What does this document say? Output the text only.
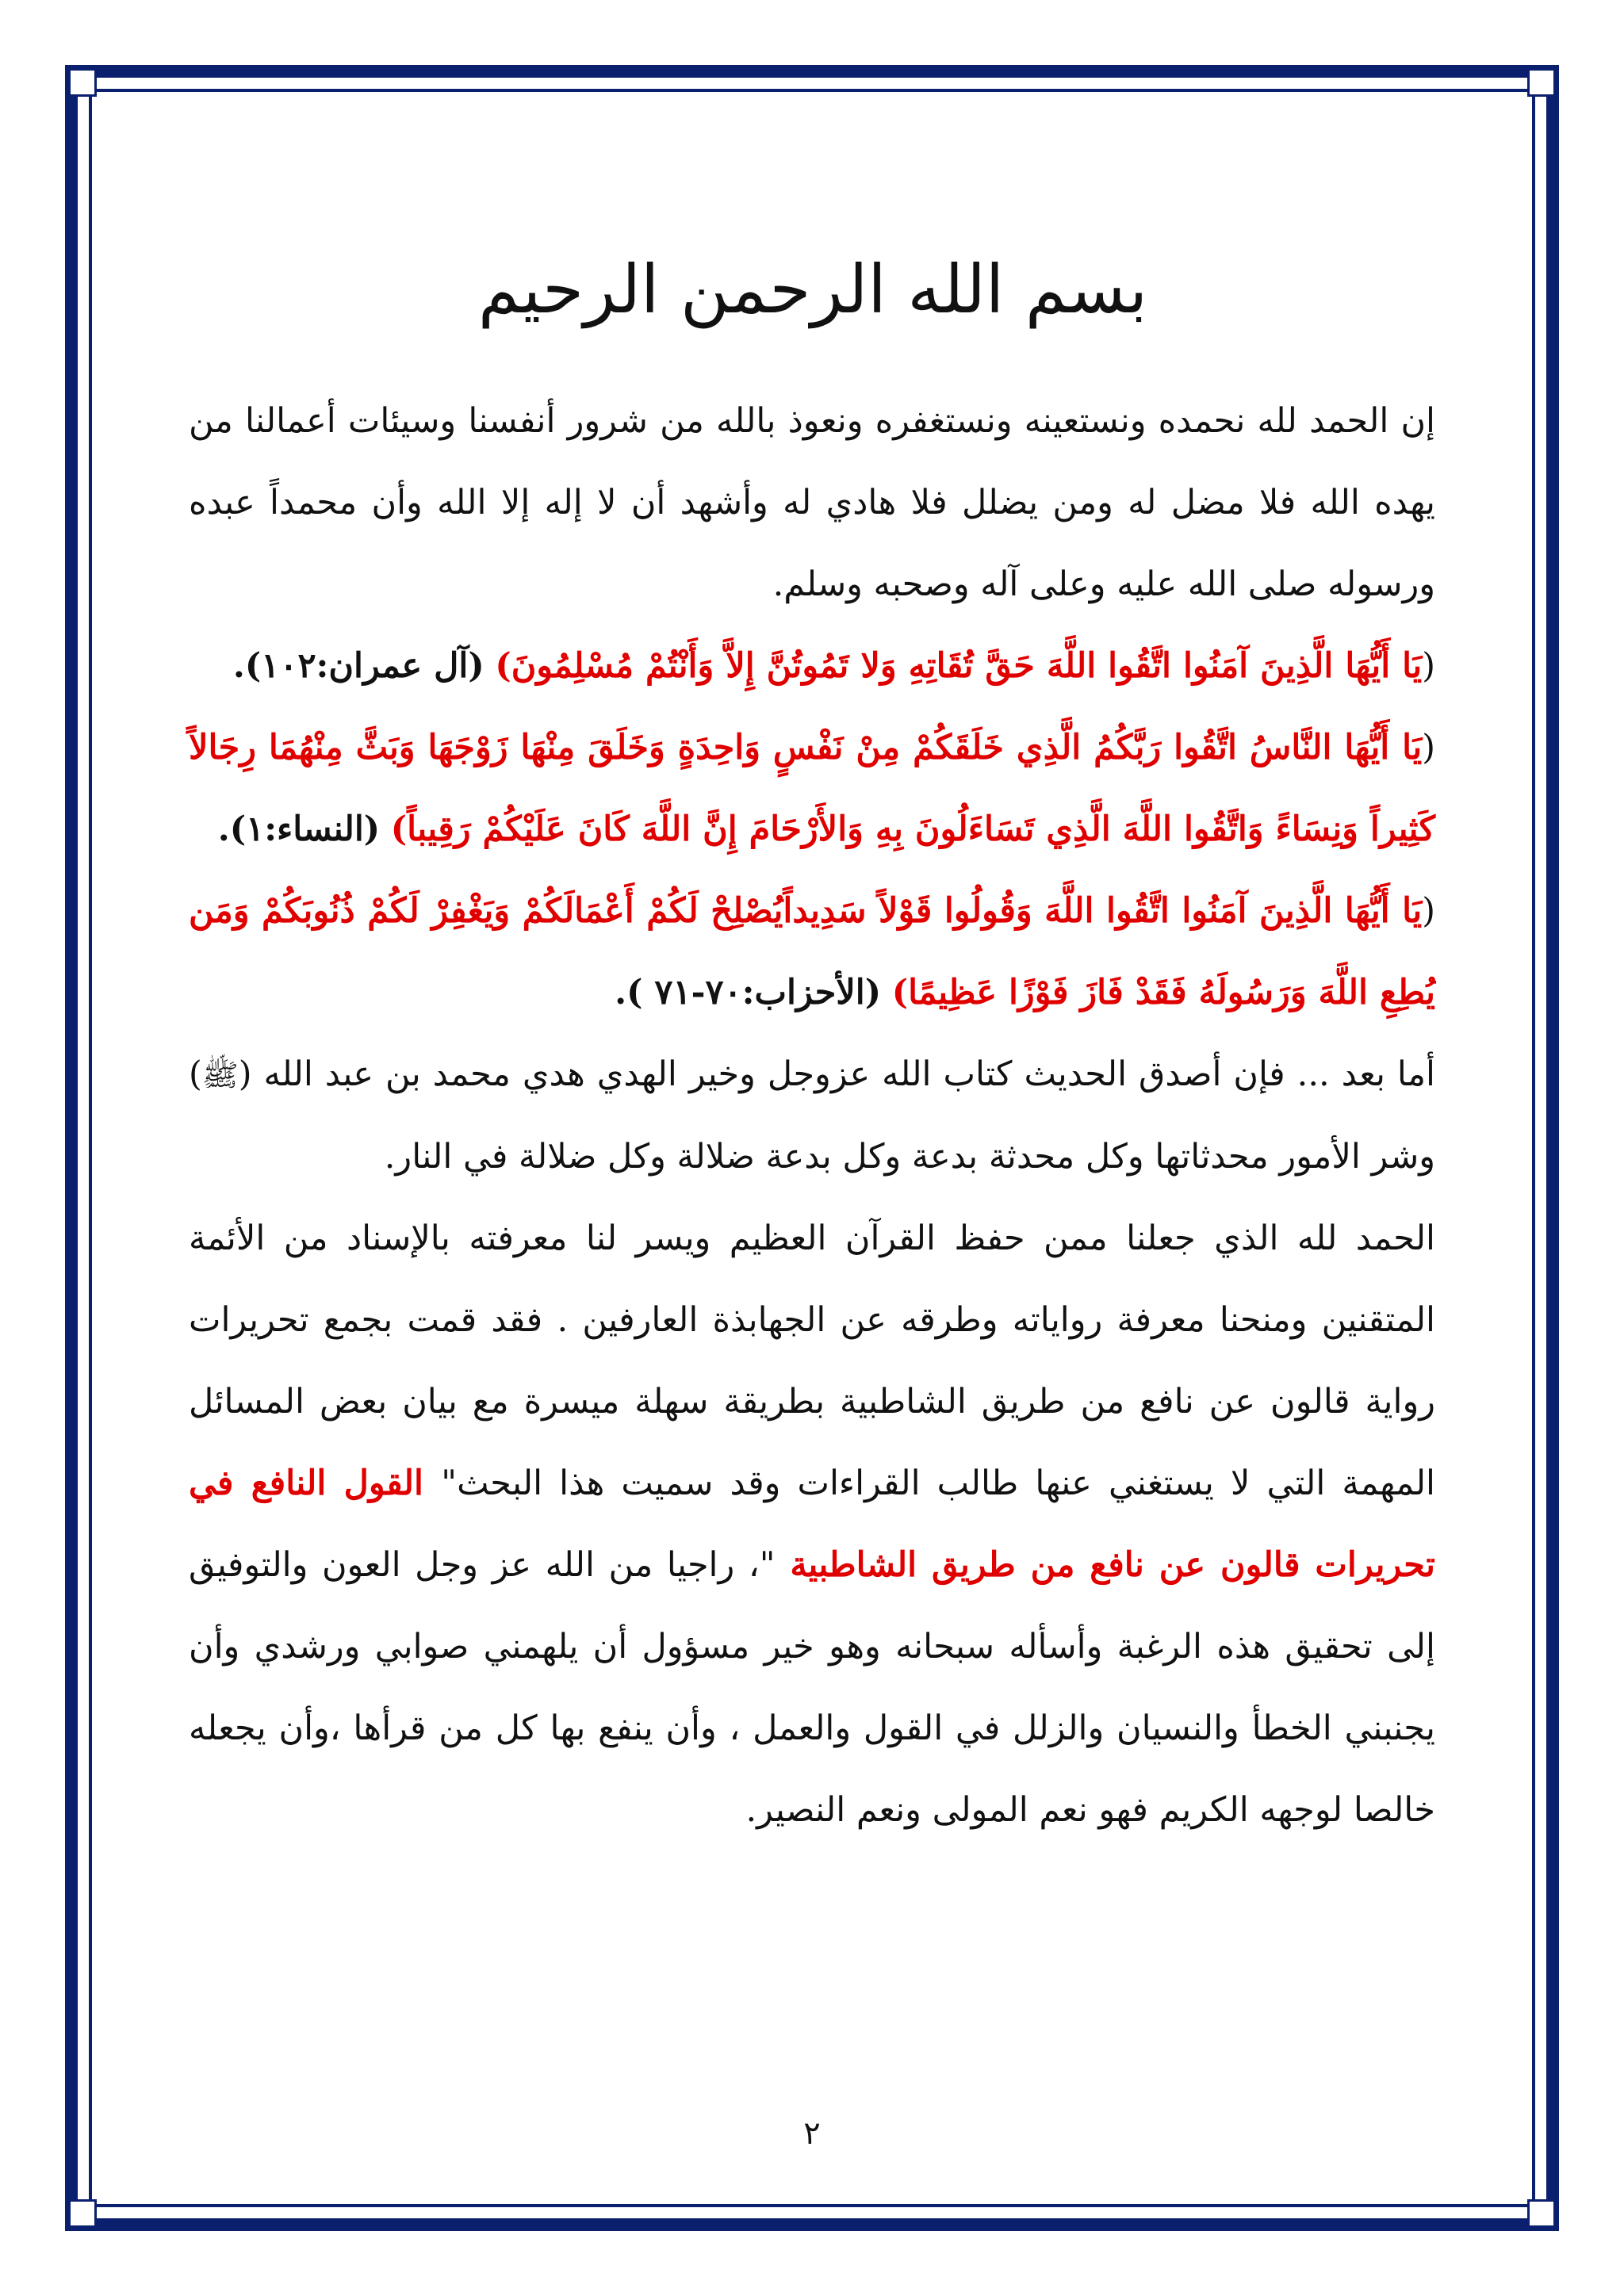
بسم الله الرحمن الرحيم

إن الحمد لله نحمده ونستعينه ونستغفره ونعوذ بالله من شرور أنفسنا وسيئات أعمالنا من يهده الله فلا مضل له ومن يضلل فلا هادي له وأشهد أن لا إله إلا الله وأن محمداً عبده ورسوله صلى الله عليه وعلى آله وصحبه وسلم.

(يَا أَيُّهَا الَّذِينَ آمَنُوا اتَّقُوا اللَّهَ حَقَّ تُقَاتِهِ وَلا تَمُوتُنَّ إِلاَّ وَأَنْتُمْ مُسْلِمُونَ) (آل عمران:١٠٢).

(يَا أَيُّهَا النَّاسُ اتَّقُوا رَبَّكُمُ الَّذِي خَلَقَكُمْ مِنْ نَفْسٍ وَاحِدَةٍ وَخَلَقَ مِنْهَا زَوْجَهَا وَبَثَّ مِنْهُمَا رِجَالاً كَثِيراً وَنِسَاءً وَاتَّقُوا اللَّهَ الَّذِي تَسَاءَلُونَ بِهِ وَالأَرْحَامَ إِنَّ اللَّهَ كَانَ عَلَيْكُمْ رَقِيباً) (النساء:١).

(يَا أَيُّهَا الَّذِينَ آمَنُوا اتَّقُوا اللَّهَ وَقُولُوا قَوْلاً سَدِيداًيُصْلِحْ لَكُمْ أَعْمَالَكُمْ وَيَغْفِرْ لَكُمْ ذُنُوبَكُمْ وَمَن يُطِعِ اللَّهَ وَرَسُولَهُ فَقَدْ فَازَ فَوْزًا عَظِيمًا) (الأحزاب:٧٠-٧١ ).

أما بعد ... فإن أصدق الحديث كتاب الله عزوجل وخير الهدي هدي محمد بن عبد الله (ﷺ) وشر الأمور محدثاتها وكل محدثة بدعة وكل بدعة ضلالة وكل ضلالة في النار.

الحمد لله الذي جعلنا ممن حفظ القرآن العظيم ويسر لنا معرفته بالإسناد من الأئمة المتقنين ومنحنا معرفة رواياته وطرقه عن الجهابذة العارفين . فقد قمت بجمع تحريرات رواية قالون عن نافع من طريق الشاطبية بطريقة سهلة ميسرة مع بيان بعض المسائل المهمة التي لا يستغني عنها طالب القراءات وقد سميت هذا البحث" القول النافع في تحريرات قالون عن نافع من طريق الشاطبية "، راجيا من الله عز وجل العون والتوفيق إلى تحقيق هذه الرغبة وأسأله سبحانه وهو خير مسؤول أن يلهمني صوابي ورشدي وأن يجنبني الخطأ والنسيان والزلل في القول والعمل ، وأن ينفع بها كل من قرأها ،وأن يجعله خالصا لوجهه الكريم فهو نعم المولى ونعم النصير.

٢
